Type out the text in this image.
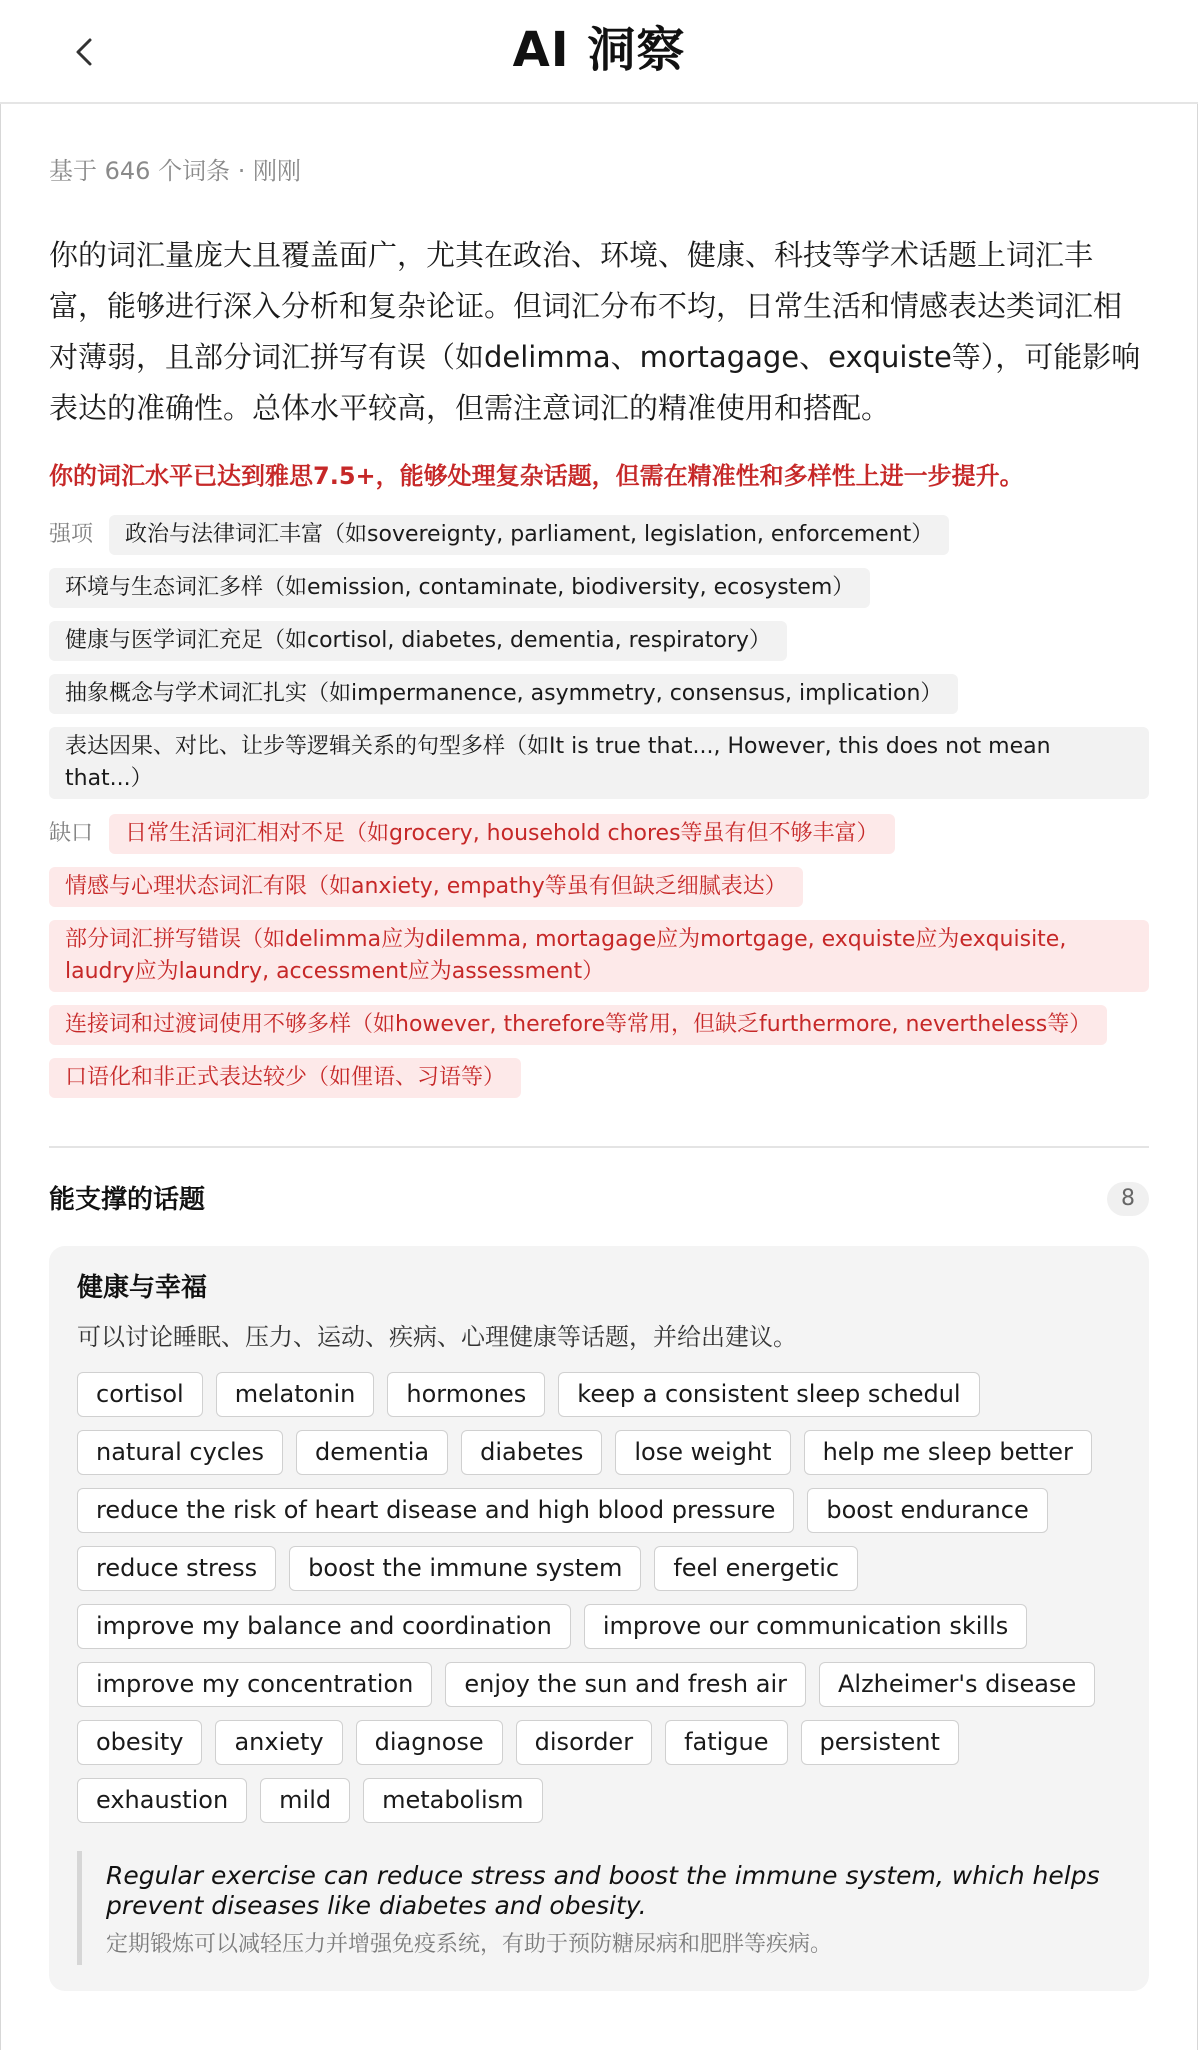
AI 洞察
基于 646 个词条 · 刚刚
你的词汇量庞大且覆盖面广，尤其在政治、环境、健康、科技等学术话题上词汇丰富，能够进行深入分析和复杂论证。但词汇分布不均，日常生活和情感表达类词汇相对薄弱，且部分词汇拼写有误（如delimma、mortagage、exquiste等），可能影响表达的准确性。总体水平较高，但需注意词汇的精准使用和搭配。
你的词汇水平已达到雅思7.5+，能够处理复杂话题，但需在精准性和多样性上进一步提升。
强项	政治与法律词汇丰富（如sovereignty, parliament, legislation, enforcement）
环境与生态词汇多样（如emission, contaminate, biodiversity, ecosystem）
健康与医学词汇充足（如cortisol, diabetes, dementia, respiratory）
抽象概念与学术词汇扎实（如impermanence, asymmetry, consensus, implication）
表达因果、对比、让步等逻辑关系的句型多样（如It is true that..., However, this does not mean that...）
缺口	日常生活词汇相对不足（如grocery, household chores等虽有但不够丰富）
情感与心理状态词汇有限（如anxiety, empathy等虽有但缺乏细腻表达）
部分词汇拼写错误（如delimma应为dilemma, mortagage应为mortgage, exquiste应为exquisite, laudry应为laundry, accessment应为assessment）
连接词和过渡词使用不够多样（如however, therefore等常用，但缺乏furthermore, nevertheless等）
口语化和非正式表达较少（如俚语、习语等）
能支撑的话题	8
健康与幸福
可以讨论睡眠、压力、运动、疾病、心理健康等话题，并给出建议。
cortisol	melatonin	hormones	keep a consistent sleep schedul
natural cycles	dementia	diabetes	lose weight	help me sleep better
reduce the risk of heart disease and high blood pressure	boost endurance
reduce stress	boost the immune system	feel energetic
improve my balance and coordination	improve our communication skills
improve my concentration	enjoy the sun and fresh air	Alzheimer's disease
obesity	anxiety	diagnose	disorder	fatigue	persistent
exhaustion	mild	metabolism
Regular exercise can reduce stress and boost the immune system, which helps prevent diseases like diabetes and obesity.
定期锻炼可以减轻压力并增强免疫系统，有助于预防糖尿病和肥胖等疾病。
